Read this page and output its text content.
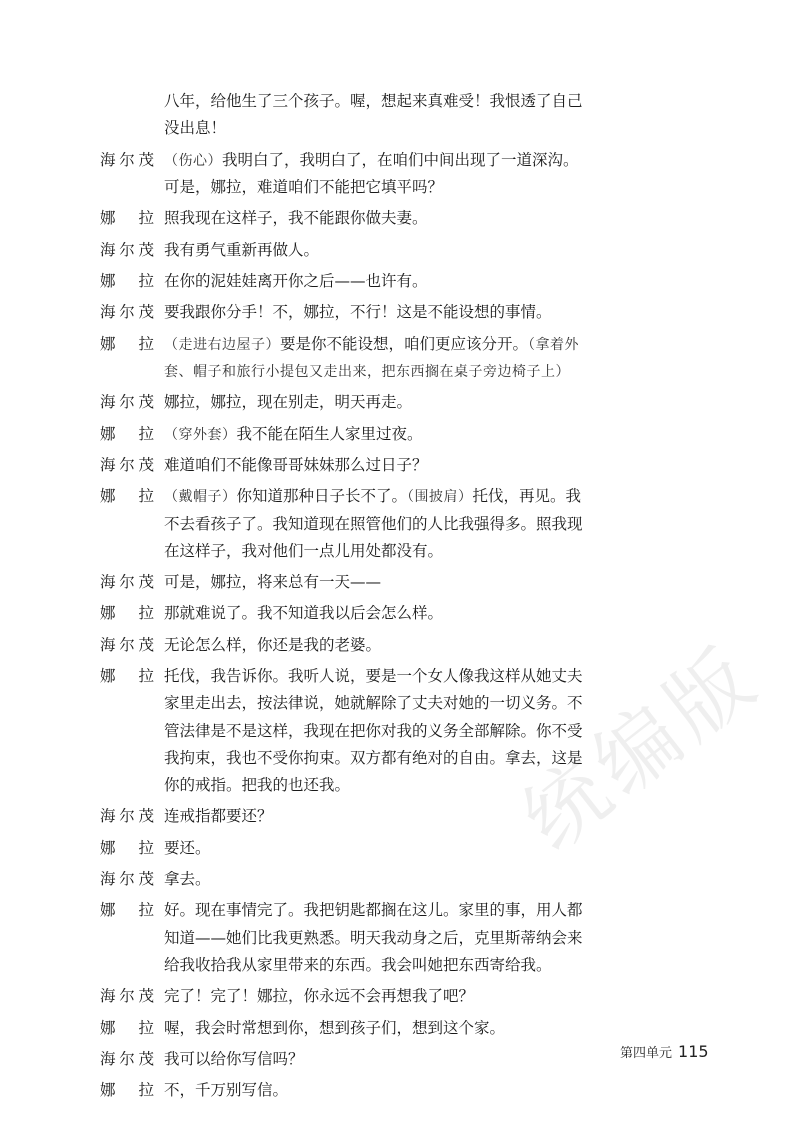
统编版
八年，给他生了三个孩子。喔，想起来真难受！我恨透了自己
没出息！
海尔茂 （伤心）我明白了，我明白了，在咱们中间出现了一道深沟。
可是，娜拉，难道咱们不能把它填平吗？
娜 拉 照我现在这样子，我不能跟你做夫妻。
海尔茂 我有勇气重新再做人。
娜 拉 在你的泥娃娃离开你之后——也许有。
海尔茂 要我跟你分手！不，娜拉，不行！这是不能设想的事情。
娜 拉 （走进右边屋子）要是你不能设想，咱们更应该分开。（拿着外
套、帽子和旅行小提包又走出来，把东西搁在桌子旁边椅子上）
海尔茂 娜拉，娜拉，现在别走，明天再走。
娜 拉 （穿外套）我不能在陌生人家里过夜。
海尔茂 难道咱们不能像哥哥妹妹那么过日子？
娜 拉 （戴帽子）你知道那种日子长不了。（围披肩）托伐，再见。我
不去看孩子了。我知道现在照管他们的人比我强得多。照我现
在这样子，我对他们一点儿用处都没有。
海尔茂 可是，娜拉，将来总有一天——
娜 拉 那就难说了。我不知道我以后会怎么样。
海尔茂 无论怎么样，你还是我的老婆。
娜 拉 托伐，我告诉你。我听人说，要是一个女人像我这样从她丈夫
家里走出去，按法律说，她就解除了丈夫对她的一切义务。不
管法律是不是这样，我现在把你对我的义务全部解除。你不受
我拘束，我也不受你拘束。双方都有绝对的自由。拿去，这是
你的戒指。把我的也还我。
海尔茂 连戒指都要还？
娜 拉 要还。
海尔茂 拿去。
娜 拉 好。现在事情完了。我把钥匙都搁在这儿。家里的事，用人都
知道——她们比我更熟悉。明天我动身之后，克里斯蒂纳会来
给我收拾我从家里带来的东西。我会叫她把东西寄给我。
海尔茂 完了！完了！娜拉，你永远不会再想我了吧？
娜 拉 喔，我会时常想到你，想到孩子们，想到这个家。
海尔茂 我可以给你写信吗？
娜 拉 不，千万别写信。
第四单元 115
